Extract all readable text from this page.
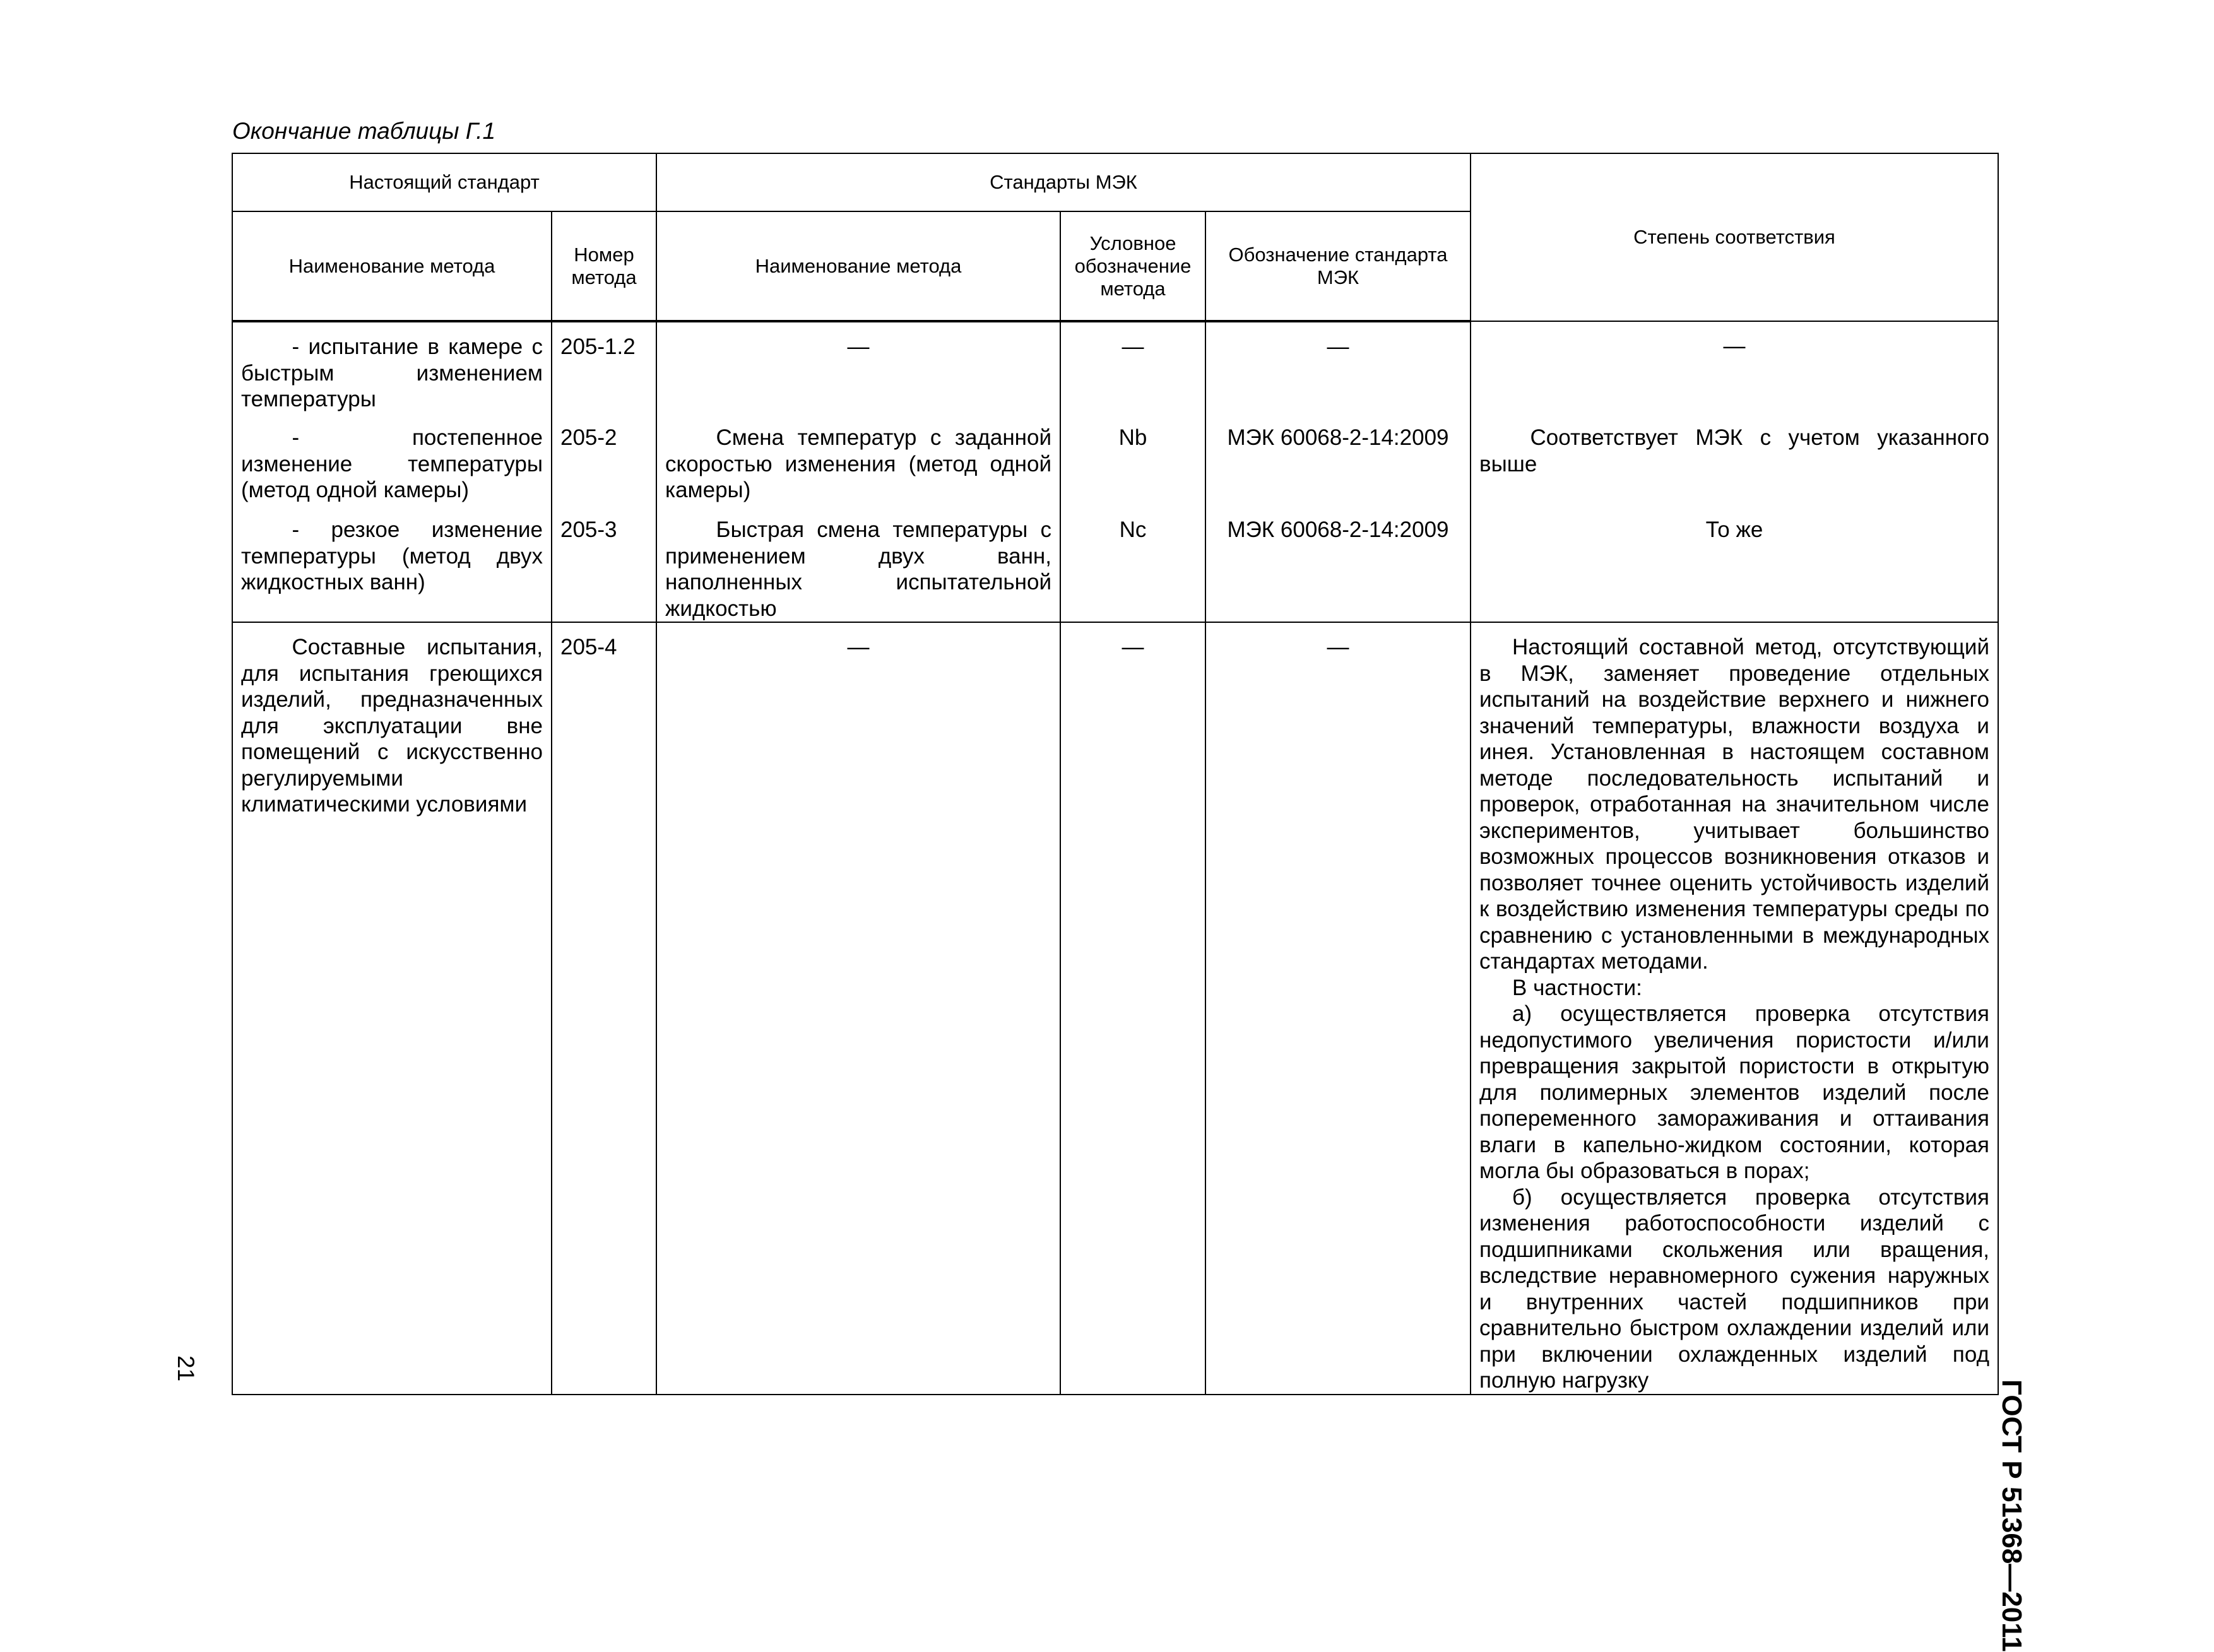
Окончание таблицы Г.1
Настоящий стандарт		Стандарты МЭК			Степень соответствия
Наименование метода	Номер метода	Наименование метода	Условное обозначение метода	Обозначение стандарта МЭК	
- испытание в камере с быстрым изменением температуры	205-1.2	—	—	—	—
- постепенное изменение температуры (метод одной камеры)	205-2	Смена температур с заданной скоростью изменения (метод одной камеры)	Nb	МЭК 60068-2-14:2009	Соответствует МЭК с учетом указанного выше
- резкое изменение температуры (метод двух жидкостных ванн)	205-3	Быстрая смена температуры с применением двух ванн, наполненных испытательной жидкостью	Nc	МЭК 60068-2-14:2009	То же
Составные испытания, для испытания греющихся изделий, предназначенных для эксплуатации вне помещений с искусственно регулируемыми климатическими условиями	205-4	—	—	—	Настоящий составной метод, отсутствующий в МЭК, заменяет проведение отдельных испытаний на воздействие верхнего и нижнего значений температуры, влажности воздуха и инея. Установленная в настоящем составном методе последовательность испытаний и проверок, отработанная на значительном числе экспериментов, учитывает большинство возможных процессов возникновения отказов и позволяет точнее оценить устойчивость изделий к воздействию изменения температуры среды по сравнению с установленными в международных стандартах методами.

В частности:

а) осуществляется проверка отсутствия недопустимого увеличения пористости и/или превращения закрытой пористости в открытую для полимерных элементов изделий после попеременного замораживания и оттаивания влаги в капельно-жидком состоянии, которая могла бы образоваться в порах;

б) осуществляется проверка отсутствия изменения работоспособности изделий с подшипниками скольжения или вращения, вследствие неравномерного сужения наружных и внутренних частей подшипников при сравнительно быстром охлаждении изделий или при включении охлажденных изделий под полную нагрузку	ГОСТ Р 51368—2011
21
